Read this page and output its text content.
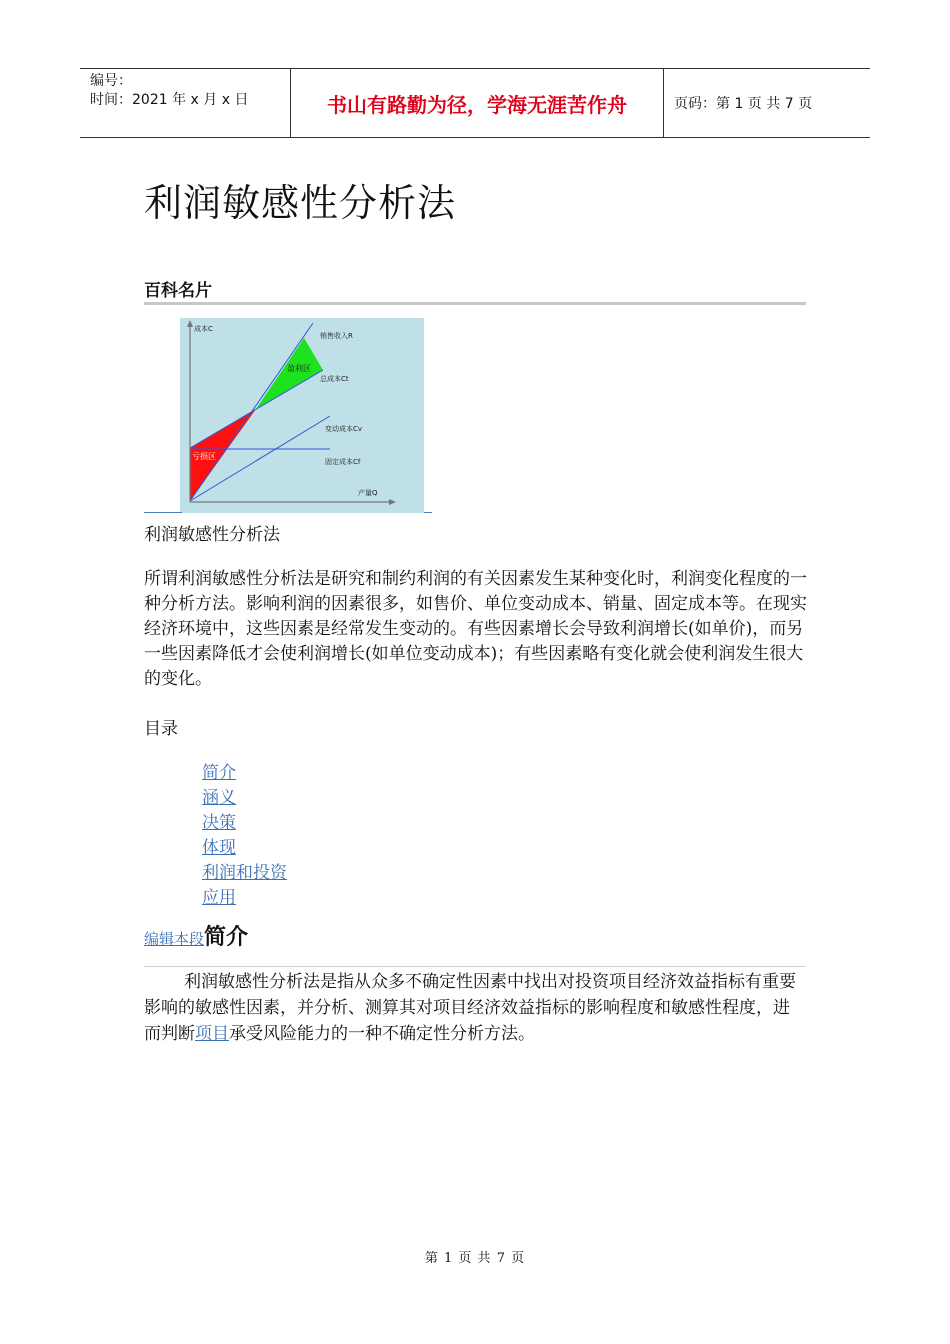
编号：
时间：2021 年 x 月 x 日	书山有路勤为径，学海无涯苦作舟	页码：第 1 页 共 7 页
利润敏感性分析法
百科名片
成本C
产量Q
销售收入R
总成本Ct
变动成本Cv
固定成本Cf
盈利区
亏损区
利润敏感性分析法

所谓利润敏感性分析法是研究和制约利润的有关因素发生某种变化时，利润变化程度的一种分析方法。影响利润的因素很多，如售价、单位变动成本、销量、固定成本等。在现实经济环境中，这些因素是经常发生变动的。有些因素增长会导致利润增长(如单价)，而另一些因素降低才会使利润增长(如单位变动成本)；有些因素略有变化就会使利润发生很大的变化。

目录
简介
涵义
决策
体现
利润和投资
应用
编辑本段 简介

利润敏感性分析法是指从众多不确定性因素中找出对投资项目经济效益指标有重要影响的敏感性因素，并分析、测算其对项目经济效益指标的影响程度和敏感性程度，进而判断项目承受风险能力的一种不确定性分析方法。

第 1 页 共 7 页
